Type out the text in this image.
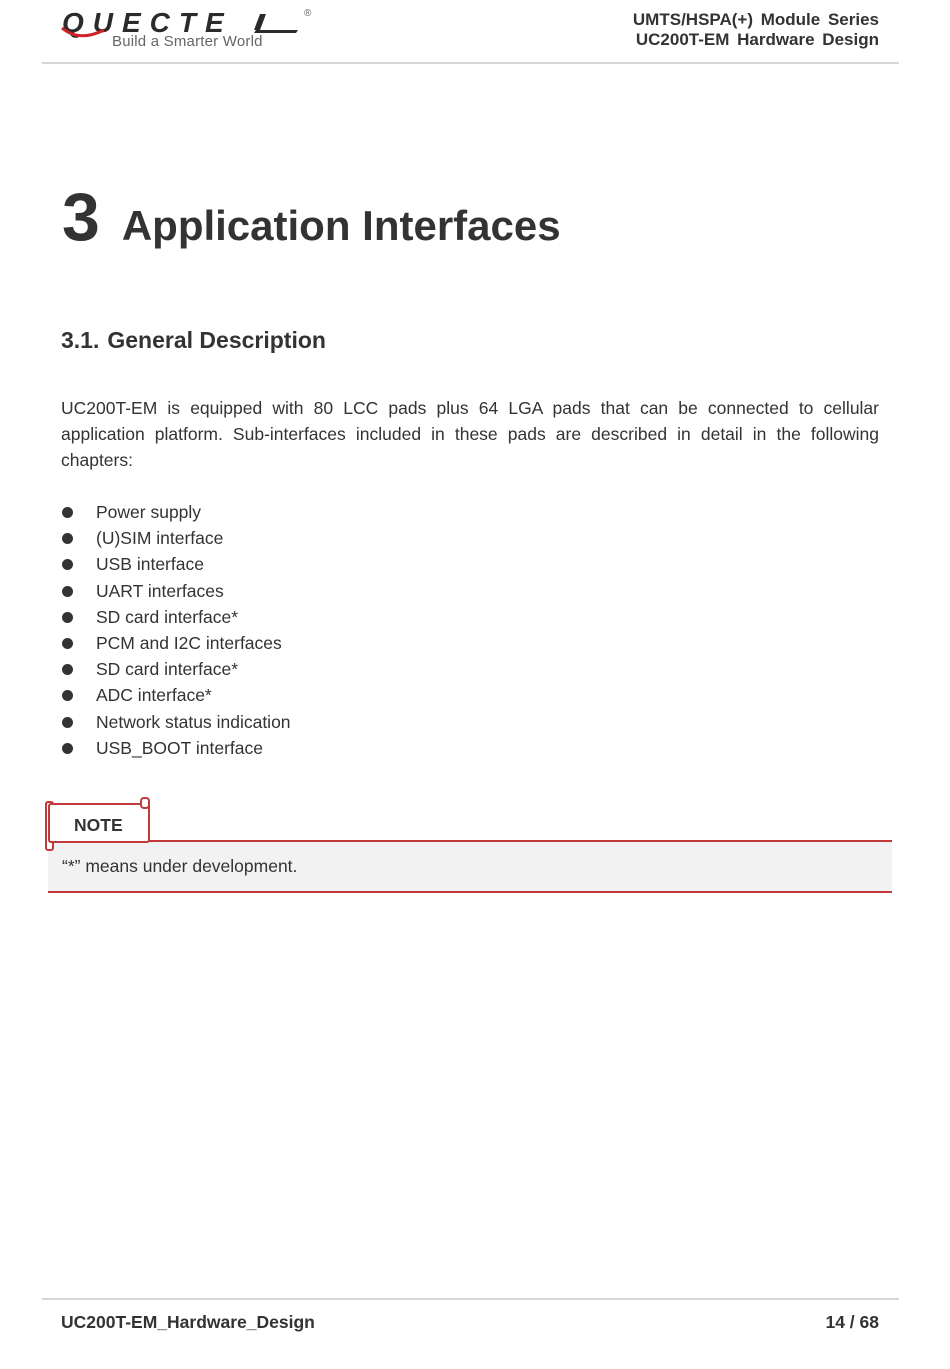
QUECTE	®
Build a Smarter World
UMTS/HSPA(+) Module Series
UC200T-EM Hardware Design
3 Application Interfaces
3.1. General Description

UC200T-EM is equipped with 80 LCC pads plus 64 LGA pads that can be connected to cellular application platform. Sub-interfaces included in these pads are described in detail in the following chapters:

Power supply
(U)SIM interface
USB interface
UART interfaces
SD card interface*
PCM and I2C interfaces
SD card interface*
ADC interface*
Network status indication
USB_BOOT interface
“*” means under development.
NOTE
UC200T-EM_Hardware_Design	14 / 68
